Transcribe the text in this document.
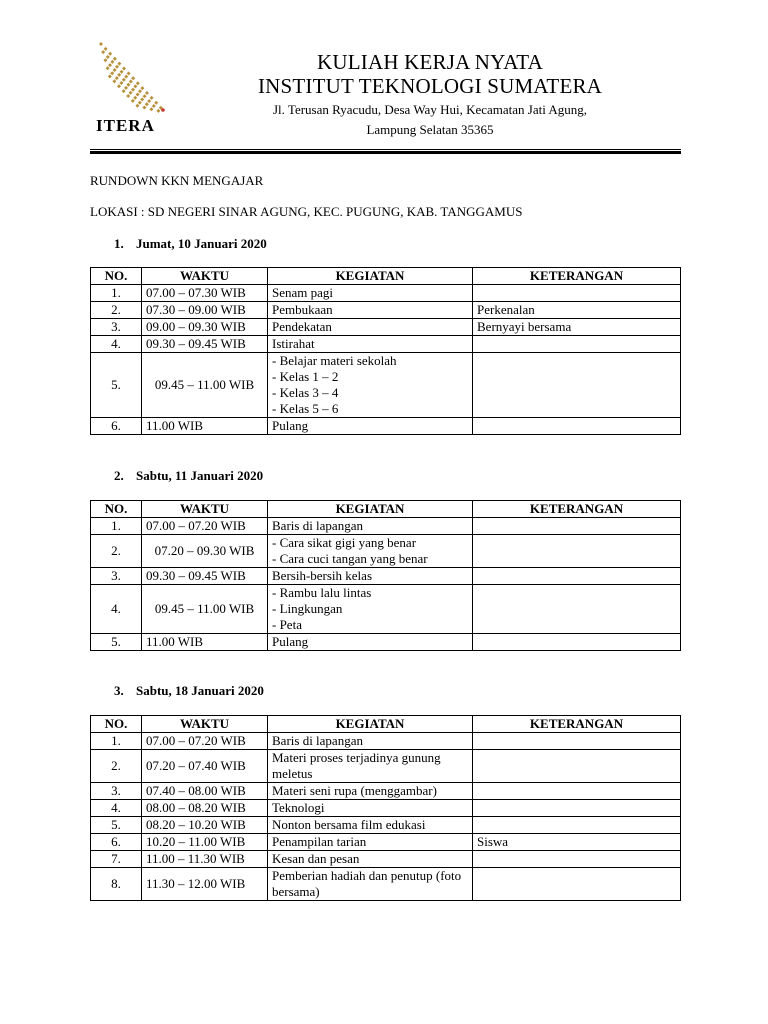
ITERA
KULIAH KERJA NYATA
INSTITUT TEKNOLOGI SUMATERA
Jl. Terusan Ryacudu, Desa Way Hui, Kecamatan Jati Agung,
Lampung Selatan 35365
RUNDOWN KKN MENGAJAR
LOKASI : SD NEGERI SINAR AGUNG, KEC. PUGUNG, KAB. TANGGAMUS
1. Jumat, 10 Januari 2020
NO.	WAKTU	KEGIATAN	KETERANGAN
1.	07.00 – 07.30 WIB	Senam pagi	
2.	07.30 – 09.00 WIB	Pembukaan	Perkenalan
3.	09.00 – 09.30 WIB	Pendekatan	Bernyayi bersama
4.	09.30 – 09.45 WIB	Istirahat	
5.	09.45 – 11.00 WIB	- Belajar materi sekolah
- Kelas 1 – 2
- Kelas 3 – 4
- Kelas 5 – 6	
6.	11.00 WIB	Pulang	
2. Sabtu, 11 Januari 2020
NO.	WAKTU	KEGIATAN	KETERANGAN
1.	07.00 – 07.20 WIB	Baris di lapangan	
2.	07.20 – 09.30 WIB	- Cara sikat gigi yang benar
- Cara cuci tangan yang benar	
3.	09.30 – 09.45 WIB	Bersih-bersih kelas	
4.	09.45 – 11.00 WIB	- Rambu lalu lintas
- Lingkungan
- Peta	
5.	11.00 WIB	Pulang	
3. Sabtu, 18 Januari 2020
NO.	WAKTU	KEGIATAN	KETERANGAN
1.	07.00 – 07.20 WIB	Baris di lapangan	
2.	07.20 – 07.40 WIB	Materi proses terjadinya gunung meletus	
3.	07.40 – 08.00 WIB	Materi seni rupa (menggambar)	
4.	08.00 – 08.20 WIB	Teknologi	
5.	08.20 – 10.20 WIB	Nonton bersama film edukasi	
6.	10.20 – 11.00 WIB	Penampilan tarian	Siswa
7.	11.00 – 11.30 WIB	Kesan dan pesan	
8.	11.30 – 12.00 WIB	Pemberian hadiah dan penutup (foto bersama)	
